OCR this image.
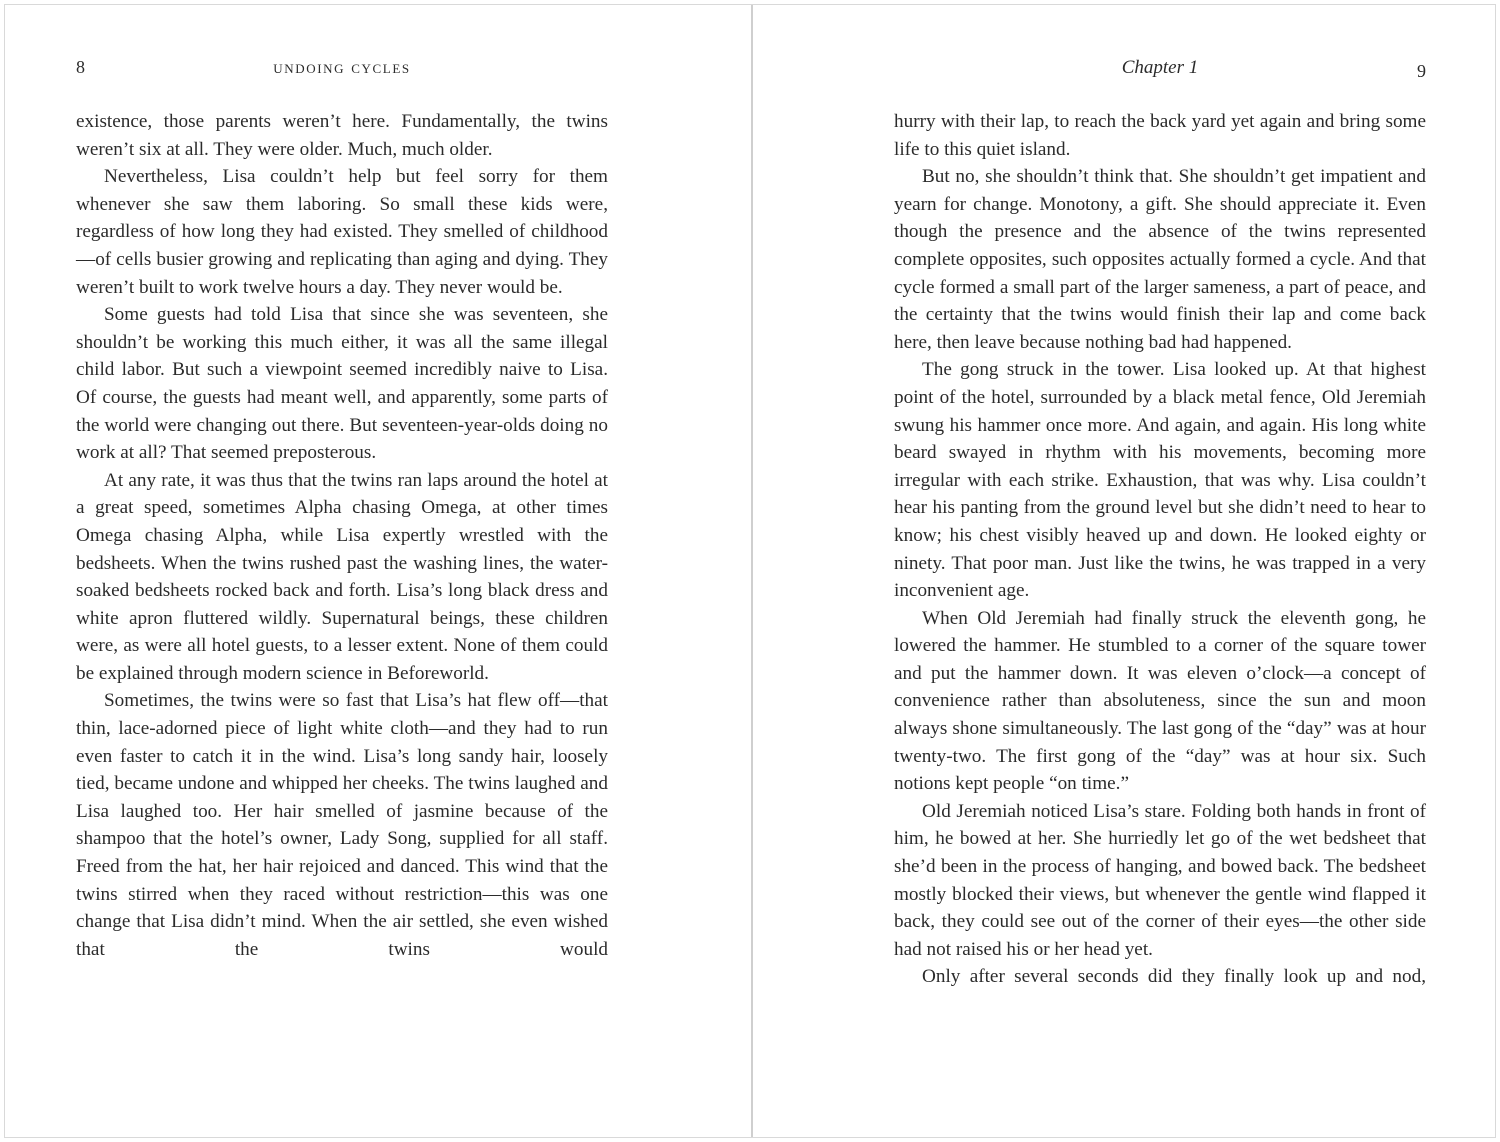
8	undoing cycles

existence, those parents weren’t here. Fundamentally, the twins weren’t six at all. They were older. Much, much older.

Nevertheless, Lisa couldn’t help but feel sorry for them whenever she saw them laboring. So small these kids were, regardless of how long they had existed. They smelled of childhood—of cells busier growing and replicating than aging and dying. They weren’t built to work twelve hours a day. They never would be.

Some guests had told Lisa that since she was seventeen, she shouldn’t be working this much either, it was all the same illegal child labor. But such a viewpoint seemed incredibly naive to Lisa. Of course, the guests had meant well, and apparently, some parts of the world were changing out there. But seventeen-year-olds doing no work at all? That seemed preposterous.

At any rate, it was thus that the twins ran laps around the hotel at a great speed, sometimes Alpha chasing Omega, at other times Omega chasing Alpha, while Lisa expertly wrestled with the bedsheets. When the twins rushed past the washing lines, the water-soaked bedsheets rocked back and forth. Lisa’s long black dress and white apron fluttered wildly. Supernatural beings, these children were, as were all hotel guests, to a lesser extent. None of them could be explained through modern science in Beforeworld.

Sometimes, the twins were so fast that Lisa’s hat flew off—that thin, lace-adorned piece of light white cloth—and they had to run even faster to catch it in the wind. Lisa’s long sandy hair, loosely tied, became undone and whipped her cheeks. The twins laughed and Lisa laughed too. Her hair smelled of jasmine because of the shampoo that the hotel’s owner, Lady Song, supplied for all staff. Freed from the hat, her hair rejoiced and danced. This wind that the twins stirred when they raced without restriction—this was one change that Lisa didn’t mind. When the air settled, she even wished that the twins would

Chapter 1	9

hurry with their lap, to reach the back yard yet again and bring some life to this quiet island.

But no, she shouldn’t think that. She shouldn’t get impatient and yearn for change. Monotony, a gift. She should appreciate it. Even though the presence and the absence of the twins represented complete opposites, such opposites actually formed a cycle. And that cycle formed a small part of the larger sameness, a part of peace, and the certainty that the twins would finish their lap and come back here, then leave because nothing bad had happened.

The gong struck in the tower. Lisa looked up. At that highest point of the hotel, surrounded by a black metal fence, Old Jeremiah swung his hammer once more. And again, and again. His long white beard swayed in rhythm with his movements, becoming more irregular with each strike. Exhaustion, that was why. Lisa couldn’t hear his panting from the ground level but she didn’t need to hear to know; his chest visibly heaved up and down. He looked eighty or ninety. That poor man. Just like the twins, he was trapped in a very inconvenient age.

When Old Jeremiah had finally struck the eleventh gong, he lowered the hammer. He stumbled to a corner of the square tower and put the hammer down. It was eleven o’clock—a concept of convenience rather than absoluteness, since the sun and moon always shone simultaneously. The last gong of the “day” was at hour twenty-two. The first gong of the “day” was at hour six. Such notions kept people “on time.”

Old Jeremiah noticed Lisa’s stare. Folding both hands in front of him, he bowed at her. She hurriedly let go of the wet bedsheet that she’d been in the process of hanging, and bowed back. The bedsheet mostly blocked their views, but whenever the gentle wind flapped it back, they could see out of the corner of their eyes—the other side had not raised his or her head yet.

Only after several seconds did they finally look up and nod,
